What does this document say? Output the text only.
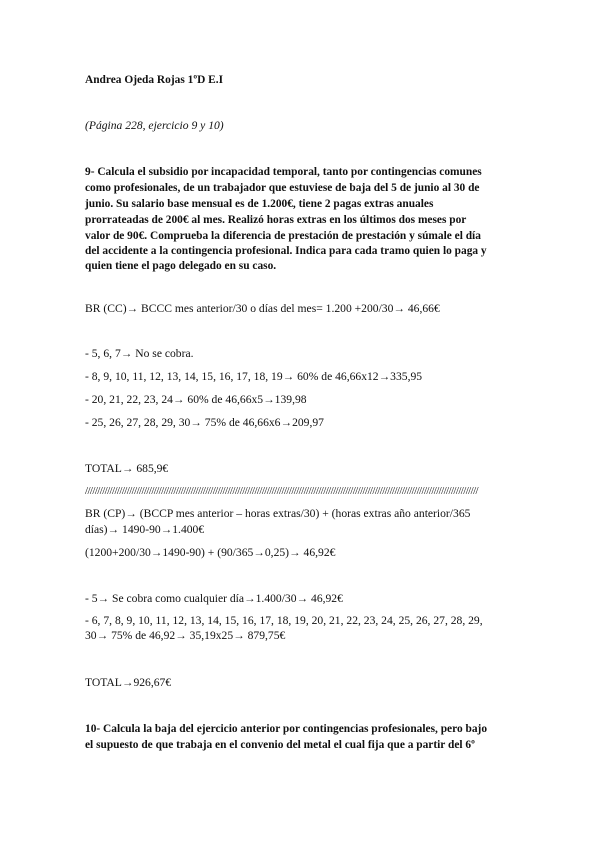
Andrea Ojeda Rojas 1ºD E.I
(Página 228, ejercicio 9 y 10)
9- Calcula el subsidio por incapacidad temporal, tanto por contingencias comunes
como profesionales, de un trabajador que estuviese de baja del 5 de junio al 30 de
junio. Su salario base mensual es de 1.200€, tiene 2 pagas extras anuales
prorrateadas de 200€ al mes. Realizó horas extras en los últimos dos meses por
valor de 90€. Comprueba la diferencia de prestación de prestación y súmale el día
del accidente a la contingencia profesional. Indica para cada tramo quien lo paga y
quien tiene el pago delegado en su caso.
BR (CC)→ BCCC mes anterior/30 o días del mes= 1.200 +200/30→ 46,66€
- 5, 6, 7→ No se cobra.
- 8, 9, 10, 11, 12, 13, 14, 15, 16, 17, 18, 19→ 60% de 46,66x12→335,95
- 20, 21, 22, 23, 24→ 60% de 46,66x5→139,98
- 25, 26, 27, 28, 29, 30→ 75% de 46,66x6→209,97
TOTAL→ 685,9€
////////////////////////////////////////////////////////////////////////////////////////////////////////////////////////////////////////////////////////////////
BR (CP)→ (BCCP mes anterior – horas extras/30) + (horas extras año anterior/365
días)→ 1490-90→1.400€
(1200+200/30→1490-90) + (90/365→0,25)→ 46,92€
- 5→ Se cobra como cualquier día→1.400/30→ 46,92€
- 6, 7, 8, 9, 10, 11, 12, 13, 14, 15, 16, 17, 18, 19, 20, 21, 22, 23, 24, 25, 26, 27, 28, 29,
30→ 75% de 46,92→ 35,19x25→ 879,75€
TOTAL→926,67€
10- Calcula la baja del ejercicio anterior por contingencias profesionales, pero bajo
el supuesto de que trabaja en el convenio del metal el cual fija que a partir del 6º
